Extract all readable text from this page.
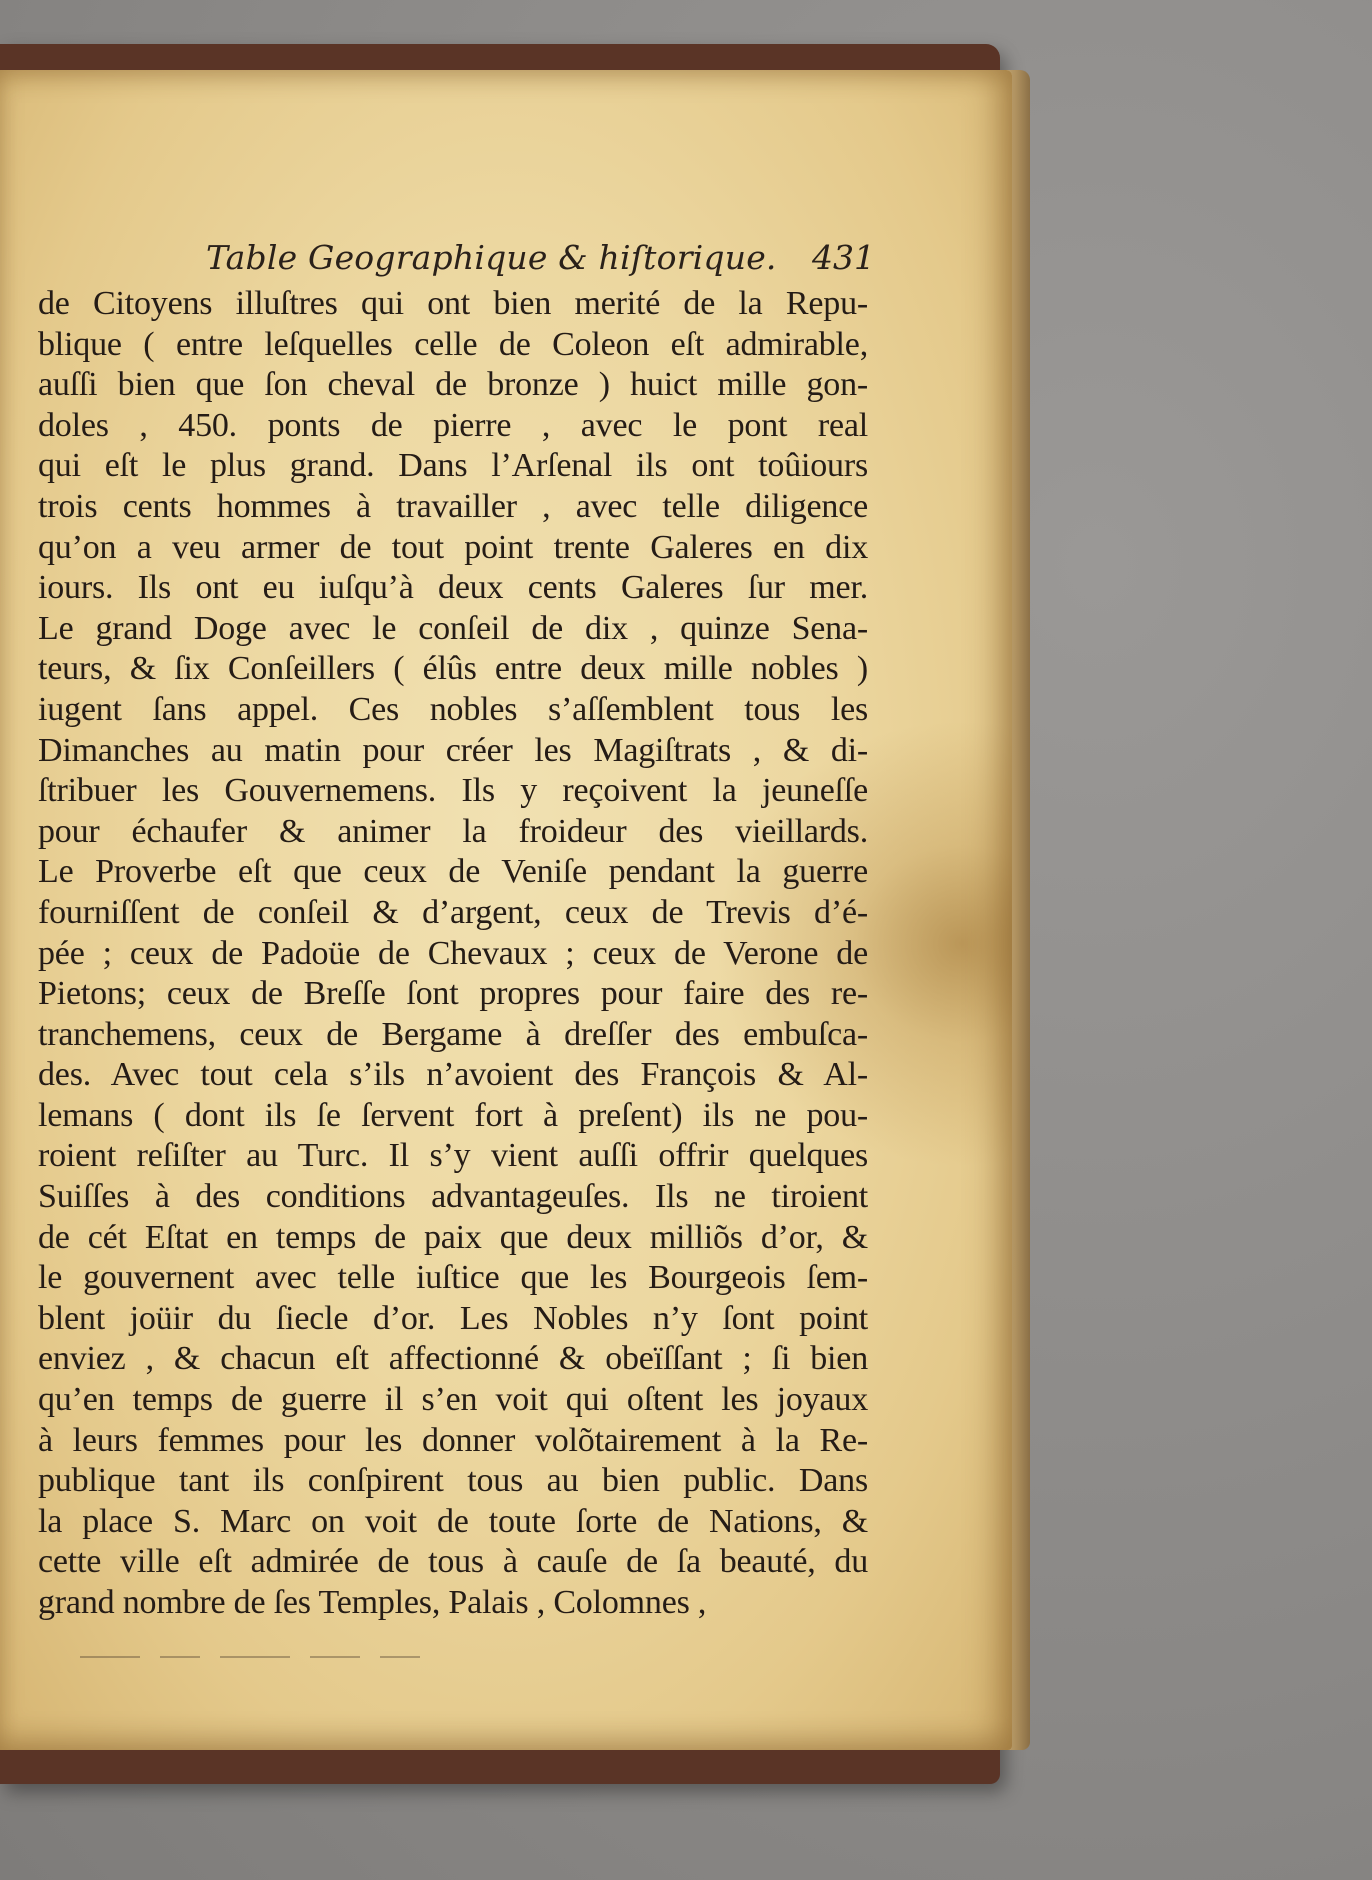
Table Geographique & hiſtorique. 431
de Citoyens illuſtres qui ont bien merité de la Repu-
blique ( entre leſquelles celle de Coleon eſt admirable,
auſſi bien que ſon cheval de bronze ) huict mille gon-
doles , 450. ponts de pierre , avec le pont real
qui eſt le plus grand. Dans l’Arſenal ils ont toûiours
trois cents hommes à travailler , avec telle diligence
qu’on a veu armer de tout point trente Galeres en dix
iours. Ils ont eu iuſqu’à deux cents Galeres ſur mer.
Le grand Doge avec le conſeil de dix , quinze Sena-
teurs, & ſix Conſeillers ( élûs entre deux mille nobles )
iugent ſans appel. Ces nobles s’aſſemblent tous les
Dimanches au matin pour créer les Magiſtrats , & di-
ſtribuer les Gouvernemens. Ils y reçoivent la jeuneſſe
pour échaufer & animer la froideur des vieillards.
Le Proverbe eſt que ceux de Veniſe pendant la guerre
fourniſſent de conſeil & d’argent, ceux de Trevis d’é-
pée ; ceux de Padoüe de Chevaux ; ceux de Verone de
Pietons; ceux de Breſſe ſont propres pour faire des re-
tranchemens, ceux de Bergame à dreſſer des embuſca-
des. Avec tout cela s’ils n’avoient des François & Al-
lemans ( dont ils ſe ſervent fort à preſent) ils ne pou-
roient reſiſter au Turc. Il s’y vient auſſi offrir quelques
Suiſſes à des conditions advantageuſes. Ils ne tiroient
de cét Eſtat en temps de paix que deux milliõs d’or, &
le gouvernent avec telle iuſtice que les Bourgeois ſem-
blent joüir du ſiecle d’or. Les Nobles n’y ſont point
enviez , & chacun eſt affectionné & obeïſſant ; ſi bien
qu’en temps de guerre il s’en voit qui oſtent les joyaux
à leurs femmes pour les donner volõtairement à la Re-
publique tant ils conſpirent tous au bien public. Dans
la place S. Marc on voit de toute ſorte de Nations, &
cette ville eſt admirée de tous à cauſe de ſa beauté, du
grand nombre de ſes Temples, Palais , Colomnes ,
